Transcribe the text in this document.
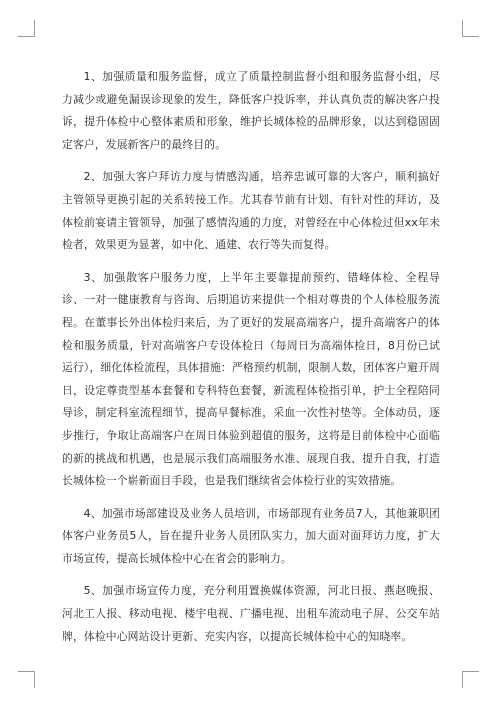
1、加强质量和服务监督，成立了质量控制监督小组和服务监督小组，尽力减少或避免漏误诊现象的发生，降低客户投诉率，并认真负责的解决客户投诉，提升体检中心整体素质和形象，维护长城体检的品牌形象，以达到稳固固定客户，发展新客户的最终目的。

2、加强大客户拜访力度与情感沟通，培养忠诚可靠的大客户，顺利搞好主管领导更换引起的关系转接工作。尤其春节前有计划、有针对性的拜访，及体检前宴请主管领导，加强了感情沟通的力度，对曾经在中心体检过但xx年未检者，效果更为显著，如中化、通建、农行等失而复得。

3、加强散客户服务力度，上半年主要靠提前预约、错峰体检、全程导诊、一对一健康教育与咨询、后期追访来提供一个相对尊贵的个人体检服务流程。在董事长外出体检归来后，为了更好的发展高端客户，提升高端客户的体检和服务质量，针对高端客户专设体检日（每周日为高端体检日，8月份已试运行），细化体检流程，具体措施：严格预约机制，限制人数，团体客户避开周日，设定尊贵型基本套餐和专科特色套餐，新流程体检指引单，护士全程陪同导诊，制定科室流程细节，提高早餐标准，采血一次性衬垫等。全体动员，逐步推行，争取让高端客户在周日体验到超值的服务，这将是目前体检中心面临的新的挑战和机遇，也是展示我们高端服务水准、展现自我、提升自我，打造长城体检一个崭新面目手段，也是我们继续省会体检行业的实效措施。

4、加强市场部建设及业务人员培训，市场部现有业务员7人，其他兼职团体客户业务员5人，旨在提升业务人员团队实力，加大面对面拜访力度，扩大市场宣传，提高长城体检中心在省会的影响力。

5、加强市场宣传力度，充分利用置换媒体资源，河北日报、燕赵晚报、河北工人报、移动电视、楼宇电视、广播电视、出租车流动电子屏、公交车站牌，体检中心网站设计更新、充实内容，以提高长城体检中心的知晓率。
